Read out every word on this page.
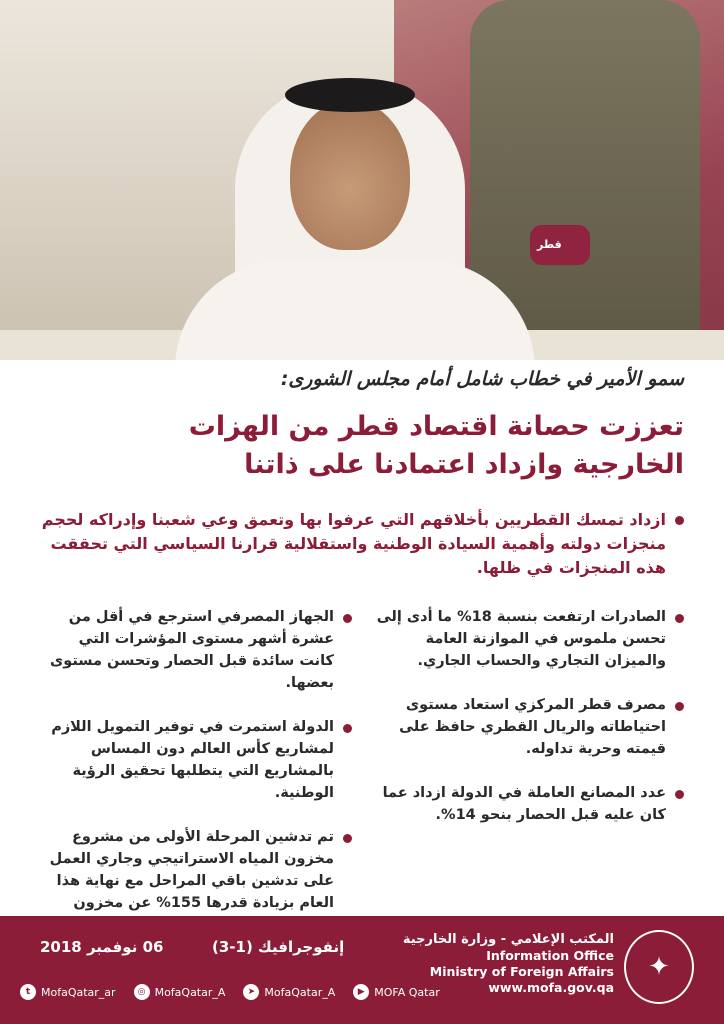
قطر
سمو الأمير في خطاب شامل أمام مجلس الشورى:
تعززت حصانة اقتصاد قطر من الهزات
الخارجية وازداد اعتمادنا على ذاتنا
ازداد تمسك القطريين بأخلاقهم التي عرفوا بها وتعمق وعي شعبنا وإدراكه لحجم منجزات دولته وأهمية السيادة الوطنية واستقلالية قرارنا السياسي التي تحققت هذه المنجزات في ظلها.
الصادرات ارتفعت بنسبة 18% ما أدى إلى تحسن ملموس في الموازنة العامة والميزان التجاري والحساب الجاري.
مصرف قطر المركزي استعاد مستوى احتياطاته والريال القطري حافظ على قيمته وحرية تداوله.
عدد المصانع العاملة في الدولة ازداد عما كان عليه قبل الحصار بنحو 14%.
الجهاز المصرفي استرجع في أقل من عشرة أشهر مستوى المؤشرات التي كانت سائدة قبل الحصار وتحسن مستوى بعضها.
الدولة استمرت في توفير التمويل اللازم لمشاريع كأس العالم دون المساس بالمشاريع التي يتطلبها تحقيق الرؤية الوطنية.
تم تدشين المرحلة الأولى من مشروع مخزون المياه الاستراتيجي وجاري العمل على تدشين باقي المراحل مع نهاية هذا العام بزيادة قدرها 155% عن مخزون
06 نوفمبر 2018	إنفوجرافيك (1-3)	المكتب الإعلامي - وزارة الخارجية
Information Office
Ministry of Foreign Affairs
www.mofa.gov.qa
✦
t MofaQatar_ar	◎ MofaQatar_A	➤ MofaQatar_A	▶ MOFA Qatar
